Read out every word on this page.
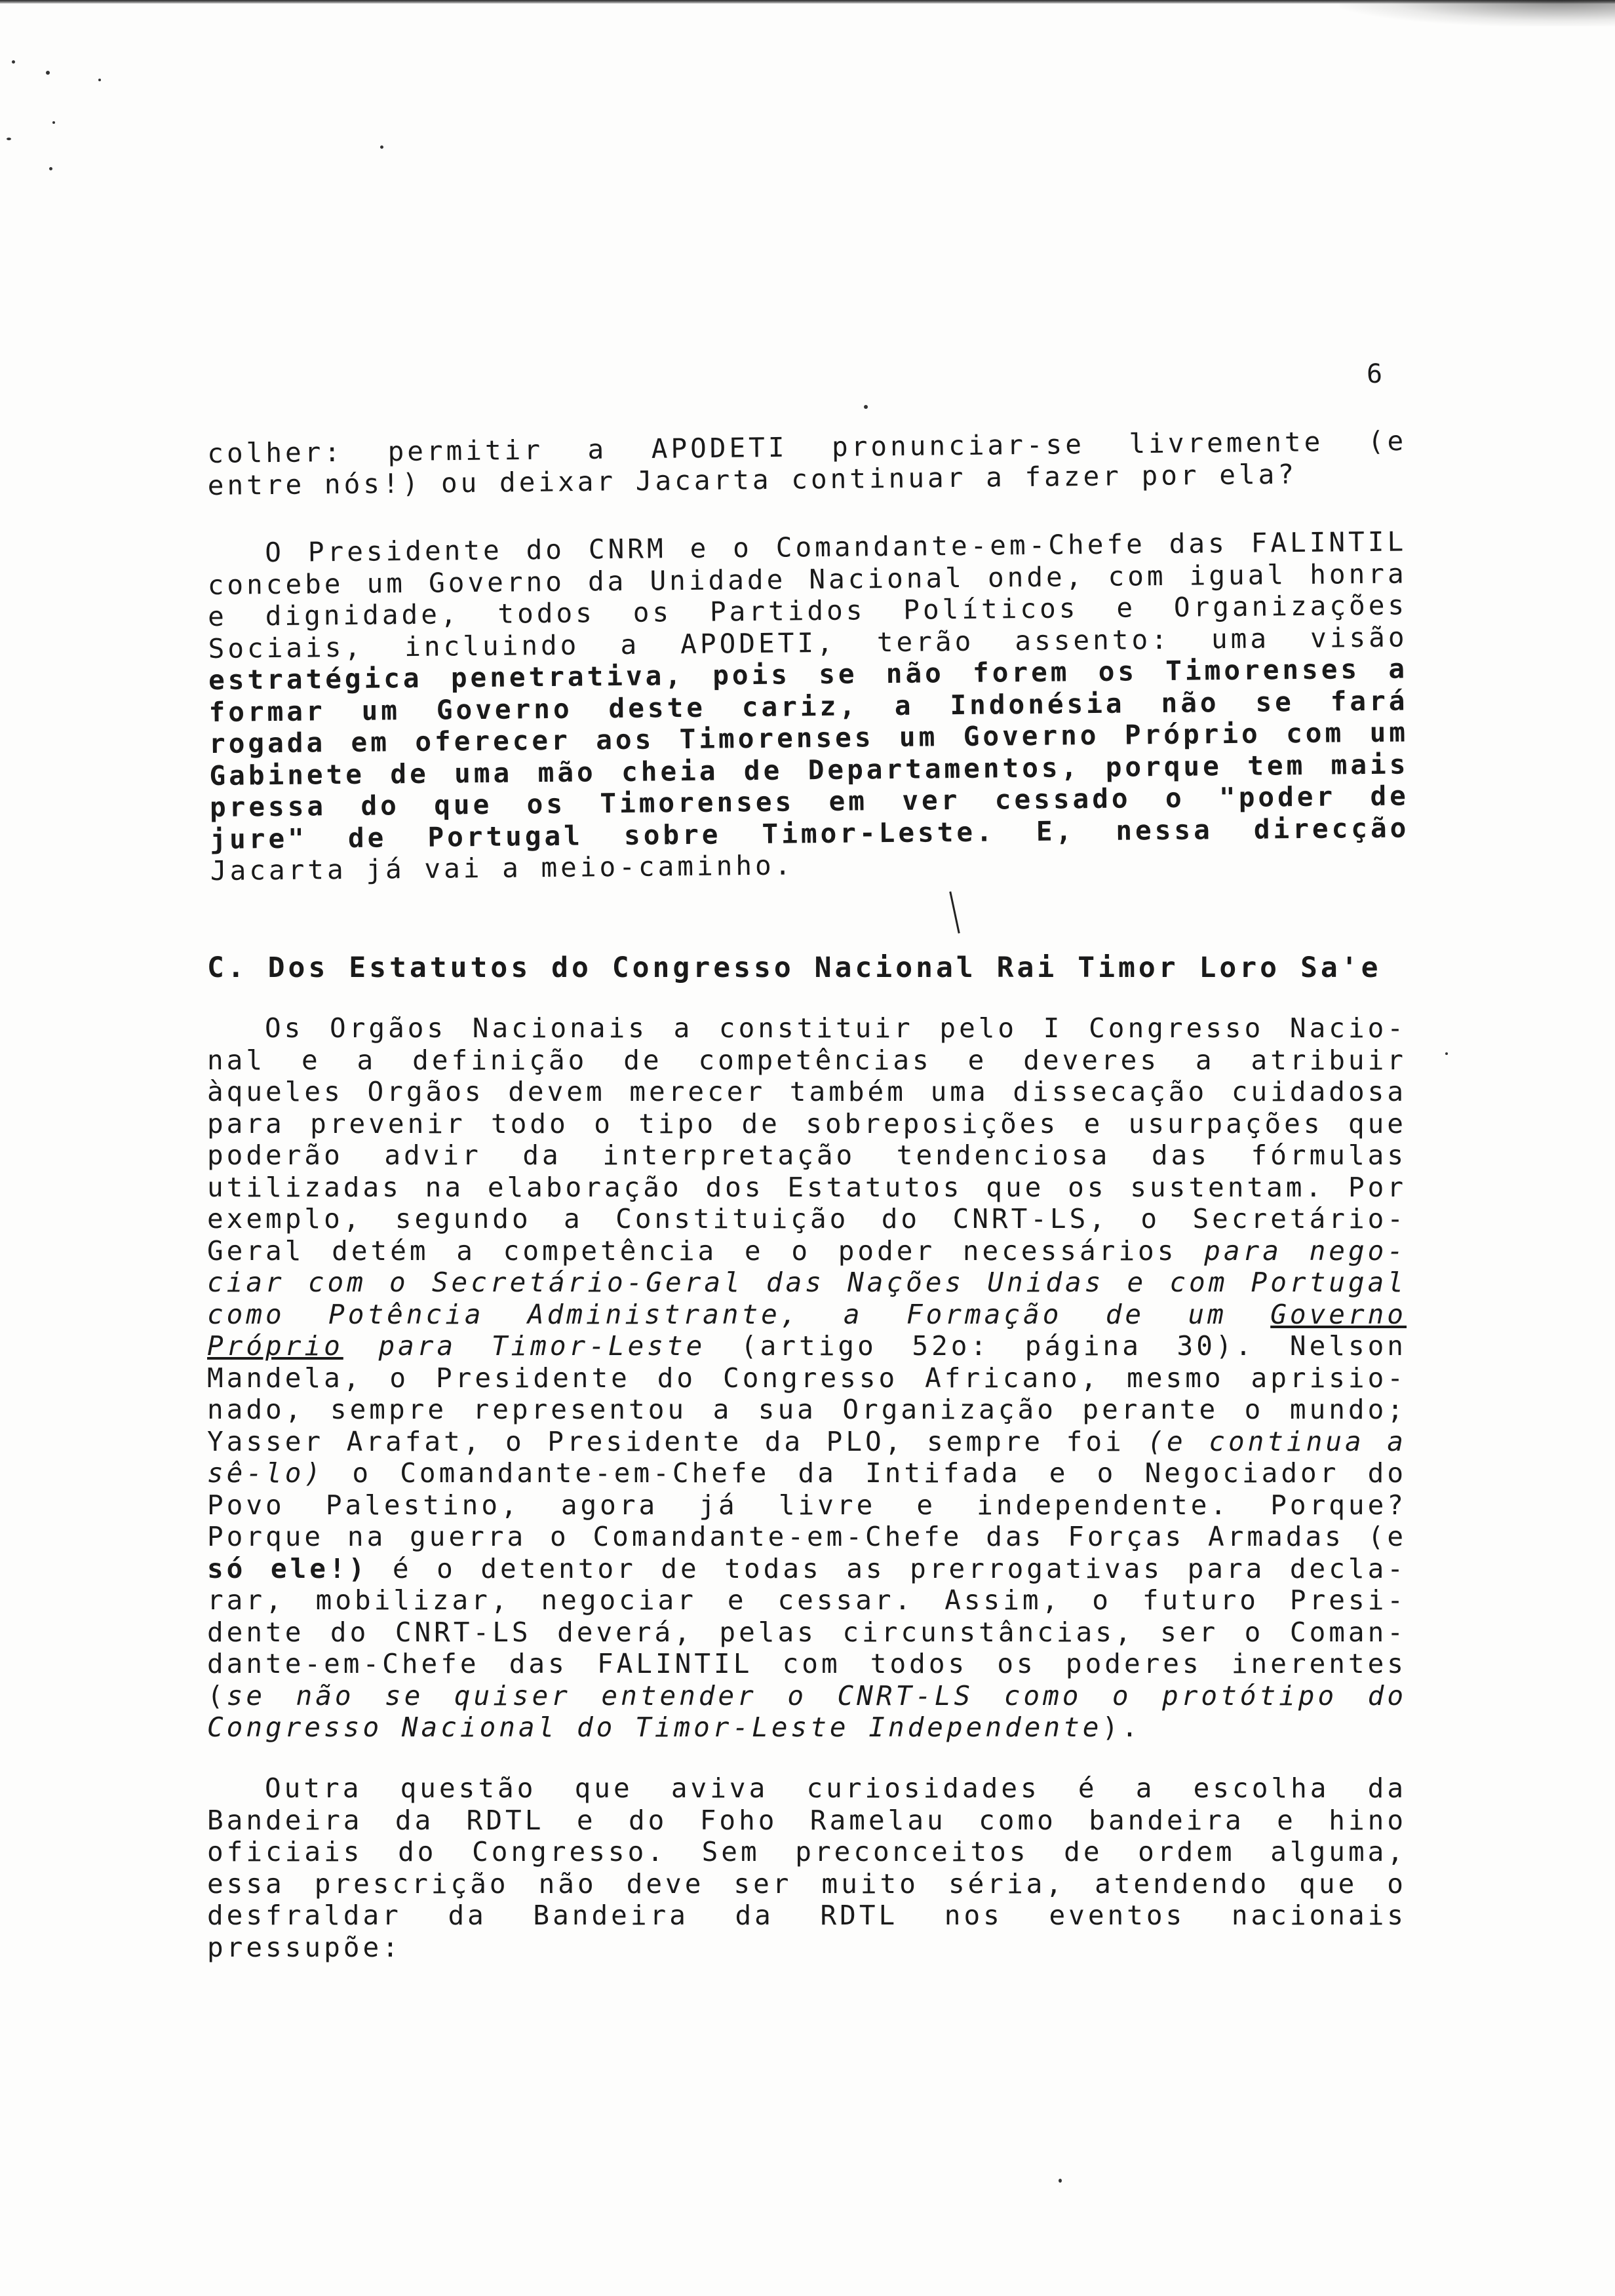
6
colher: permitir a APODETI pronunciar-se livremente (e
entre nós!) ou deixar Jacarta continuar a fazer por ela?
O Presidente do CNRM e o Comandante-em-Chefe das FALINTIL
concebe um Governo da Unidade Nacional onde, com igual honra
e dignidade, todos os Partidos Políticos e Organizações
Sociais, incluindo a APODETI, terão assento: uma visão
estratégica penetrativa, pois se não forem os Timorenses a
formar um Governo deste cariz, a Indonésia não se fará
rogada em oferecer aos Timorenses um Governo Próprio com um
Gabinete de uma mão cheia de Departamentos, porque tem mais
pressa do que os Timorenses em ver cessado o "poder de
jure" de Portugal sobre Timor-Leste. E, nessa direcção
Jacarta já vai a meio-caminho.
C. Dos Estatutos do Congresso Nacional Rai Timor Loro Sa'e
Os Orgãos Nacionais a constituir pelo I Congresso Nacio-
nal e a definição de competências e deveres a atribuir
àqueles Orgãos devem merecer também uma dissecação cuidadosa
para prevenir todo o tipo de sobreposições e usurpações que
poderão advir da interpretação tendenciosa das fórmulas
utilizadas na elaboração dos Estatutos que os sustentam. Por
exemplo, segundo a Constituição do CNRT-LS, o Secretário-
Geral detém a competência e o poder necessários para nego-
ciar com o Secretário-Geral das Nações Unidas e com Portugal
como Potência Administrante, a Formação de um Governo
Próprio para Timor-Leste (artigo 52o: página 30). Nelson
Mandela, o Presidente do Congresso Africano, mesmo aprisio-
nado, sempre representou a sua Organização perante o mundo;
Yasser Arafat, o Presidente da PLO, sempre foi (e continua a
sê-lo) o Comandante-em-Chefe da Intifada e o Negociador do
Povo Palestino, agora já livre e independente. Porque?
Porque na guerra o Comandante-em-Chefe das Forças Armadas (e
só ele!) é o detentor de todas as prerrogativas para decla-
rar, mobilizar, negociar e cessar. Assim, o futuro Presi-
dente do CNRT-LS deverá, pelas circunstâncias, ser o Coman-
dante-em-Chefe das FALINTIL com todos os poderes inerentes
(se não se quiser entender o CNRT-LS como o protótipo do
Congresso Nacional do Timor-Leste Independente).
Outra questão que aviva curiosidades é a escolha da
Bandeira da RDTL e do Foho Ramelau como bandeira e hino
oficiais do Congresso. Sem preconceitos de ordem alguma,
essa prescrição não deve ser muito séria, atendendo que o
desfraldar da Bandeira da RDTL nos eventos nacionais
pressupõe:
